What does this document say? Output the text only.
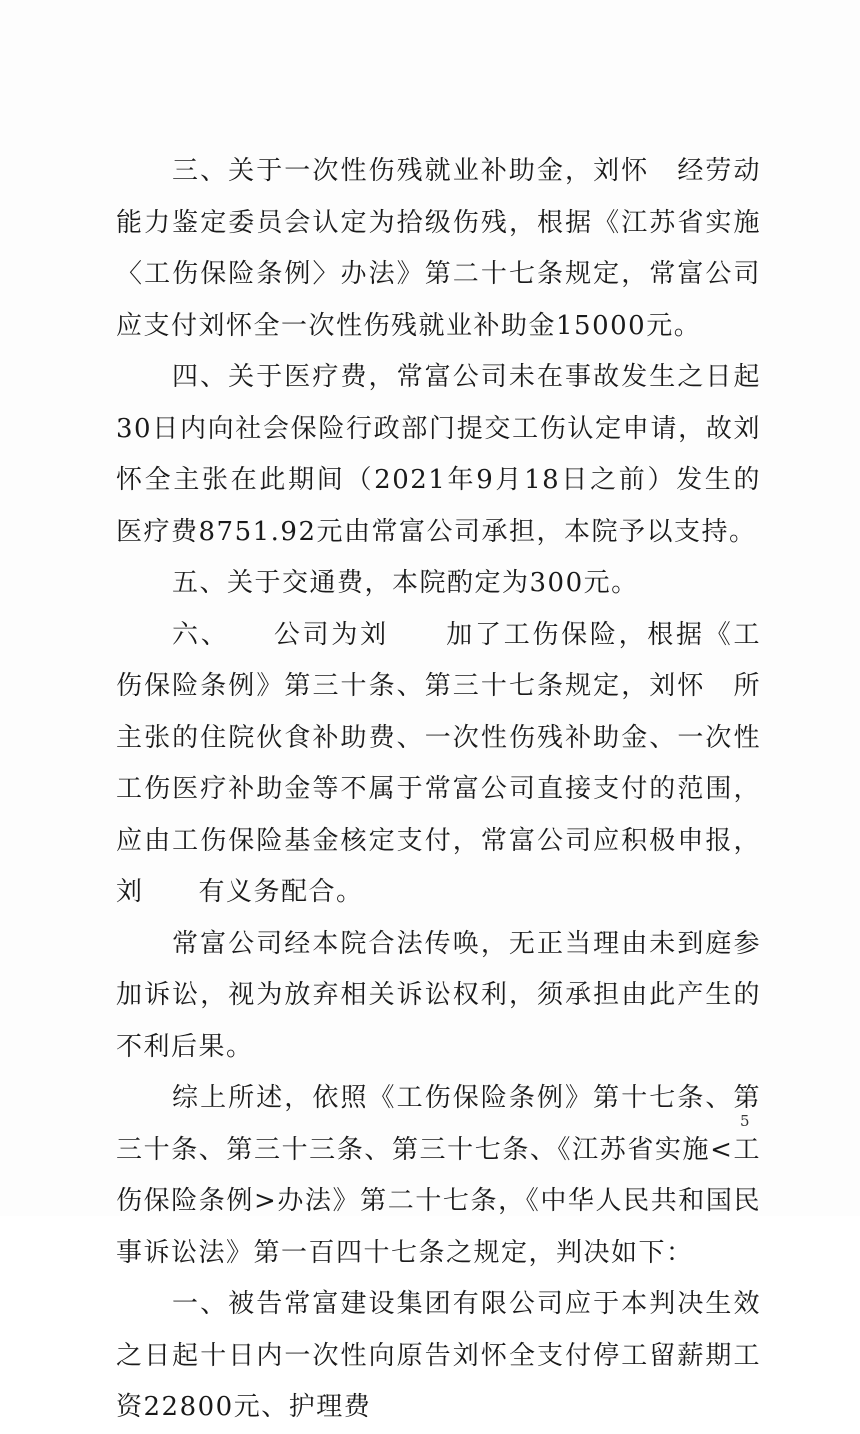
三、关于一次性伤残就业补助金，刘怀　经劳动能力鉴定委员会认定为拾级伤残，根据《江苏省实施〈工伤保险条例〉办法》第二十七条规定，常富公司应支付刘怀全一次性伤残就业补助金15000元。

四、关于医疗费，常富公司未在事故发生之日起30日内向社会保险行政部门提交工伤认定申请，故刘怀全主张在此期间（2021年9月18日之前）发生的医疗费8751.92元由常富公司承担，本院予以支持。

五、关于交通费，本院酌定为300元。

六、　　公司为刘　　加了工伤保险，根据《工伤保险条例》第三十条、第三十七条规定，刘怀　所主张的住院伙食补助费、一次性伤残补助金、一次性工伤医疗补助金等不属于常富公司直接支付的范围，应由工伤保险基金核定支付，常富公司应积极申报，刘　　有义务配合。

常富公司经本院合法传唤，无正当理由未到庭参加诉讼，视为放弃相关诉讼权利，须承担由此产生的不利后果。

综上所述，依照《工伤保险条例》第十七条、第三十条、第三十三条、第三十七条、《江苏省实施<工伤保险条例>办法》第二十七条，《中华人民共和国民事诉讼法》第一百四十七条之规定，判决如下：

一、被告常富建设集团有限公司应于本判决生效之日起十日内一次性向原告刘怀全支付停工留薪期工资22800元、护理费

5
